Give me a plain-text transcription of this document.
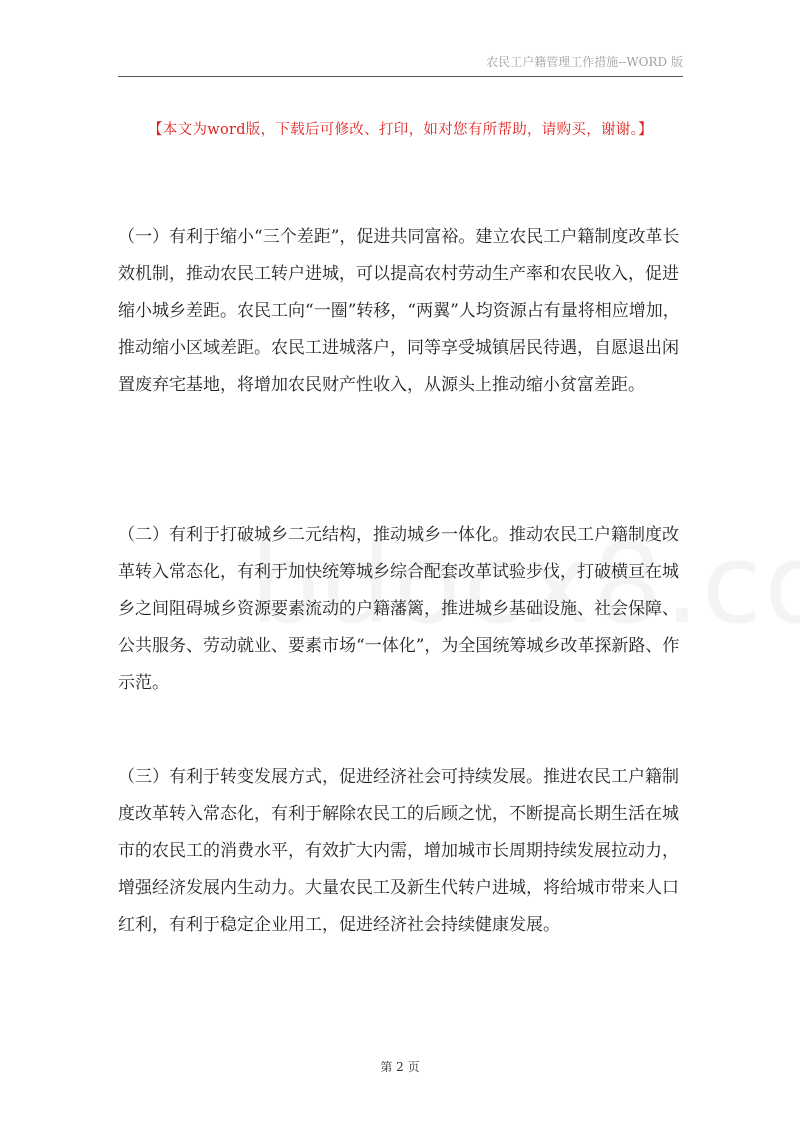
农民工户籍管理工作措施--WORD 版
【本文为word版，下载后可修改、打印，如对您有所帮助，请购买，谢谢。】

（一）有利于缩小“三个差距”，促进共同富裕。建立农民工户籍制度改革长效机制，推动农民工转户进城，可以提高农村劳动生产率和农民收入，促进缩小城乡差距。农民工向“一圈”转移，“两翼”人均资源占有量将相应增加，推动缩小区域差距。农民工进城落户，同等享受城镇居民待遇，自愿退出闲置废弃宅基地，将增加农民财产性收入，从源头上推动缩小贫富差距。

（二）有利于打破城乡二元结构，推动城乡一体化。推动农民工户籍制度改革转入常态化，有利于加快统筹城乡综合配套改革试验步伐，打破横亘在城乡之间阻碍城乡资源要素流动的户籍藩篱，推进城乡基础设施、社会保障、公共服务、劳动就业、要素市场“一体化”，为全国统筹城乡改革探新路、作示范。

（三）有利于转变发展方式，促进经济社会可持续发展。推进农民工户籍制度改革转入常态化，有利于解除农民工的后顾之忧，不断提高长期生活在城市的农民工的消费水平，有效扩大内需，增加城市长周期持续发展拉动力，增强经济发展内生动力。大量农民工及新生代转户进城，将给城市带来人口红利，有利于稳定企业用工，促进经济社会持续健康发展。

第 2 页
